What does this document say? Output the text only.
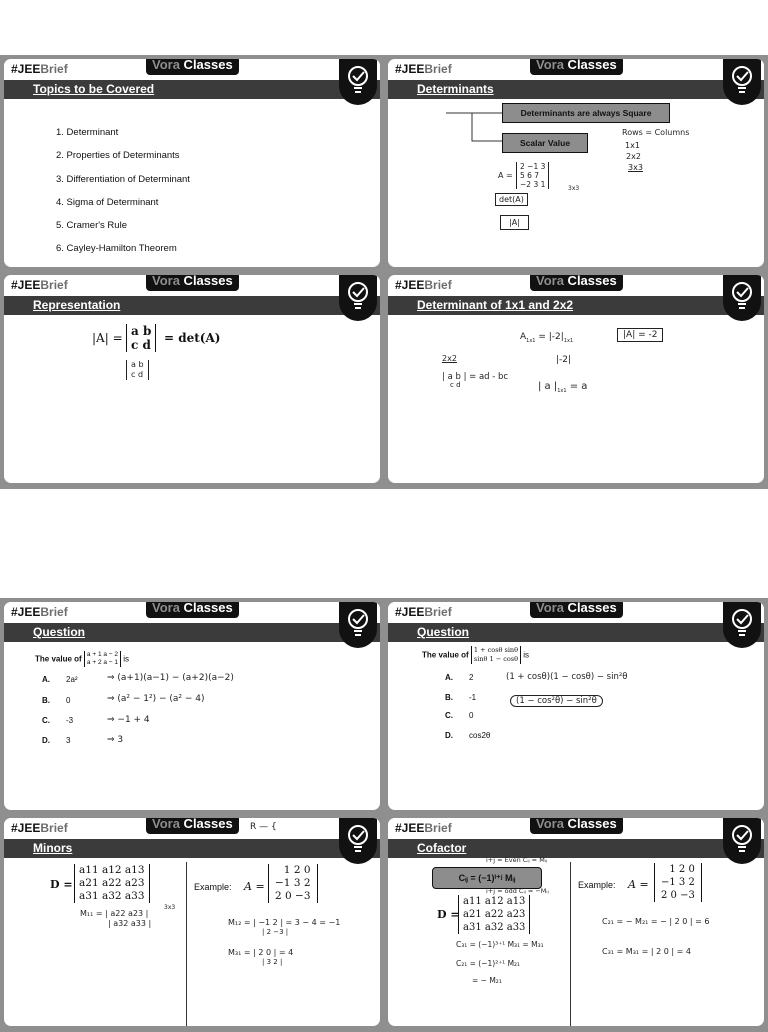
#JEEBrief	Vora Classes
Topics to be Covered
1. Determinant
2. Properties of Determinants
3. Differentiation of Determinant
4. Sigma of Determinant
5. Cramer's Rule
6. Cayley-Hamilton Theorem
#JEEBrief	Vora Classes
Determinants
Determinants are always Square
Scalar Value
Rows = Columns
1x1
2x2
3x3
A =
2 −1 3
5 6 7
−2 3 1	3x3
det(A)
|A|
#JEEBrief	Vora Classes
Representation
|A| = a b
c d = det(A)
a b
c d
#JEEBrief	Vora Classes
Determinant of 1x1 and 2x2
$A_{1x1} = |-2|_{1x1}$
|A| = -2
|-2|
2x2
| a b | = ad - bc
c d	| a $|_{1x1} = a$
#JEEBrief	Vora Classes
Question
The value of a + 1 a − 2
a + 2 a − 1 is
A. 2a²
B. 0
C. -3
D. 3
⇒ (a+1)(a−1) − (a+2)(a−2)
⇒ (a² − 1²) − (a² − 4)
⇒ −1 + 4
⇒ 3
#JEEBrief	Vora Classes
Question
The value of
1 + cosθ sinθ
sinθ 1 − cosθ is
A. 2
B. -1
C. 0
D. cos2θ
(1 + cosθ)(1 − cosθ) − sin²θ
(1 − cos²θ) − sin²θ
#JEEBrief	Vora Classes	R — {
Minors
D =
a11 a12 a13
a21 a22 a23
a31 a32 a33
3x3
Example: A =
1 2 0
−1 3 2
2 0 −3
M₁₁ = | a22 a23 |
| a32 a33 |	M₁₂ = | −1 2 | = 3 − 4 = −1
| 2 −3 |
M₃₁ = | 2 0 | = 4
| 3 2 |
#JEEBrief	Vora Classes
Cofactor
i+j = Even Cᵢⱼ = Mᵢⱼ
Cᵢⱼ = (−1)ⁱ⁺ʲ Mᵢⱼ
i+j = odd Cᵢⱼ = −Mᵢⱼ
D =
a11 a12 a13
a21 a22 a23
a31 a32 a33
C₃₁ = (−1)³⁺¹ M₃₁ = M₃₁
C₂₁ = (−1)²⁺¹ M₂₁
= − M₂₁
Example: A =
1 2 0
−1 3 2
2 0 −3
C₂₁ = − M₂₁ = − | 2 0 | = 6
C₃₁ = M₃₁ = | 2 0 | = 4
